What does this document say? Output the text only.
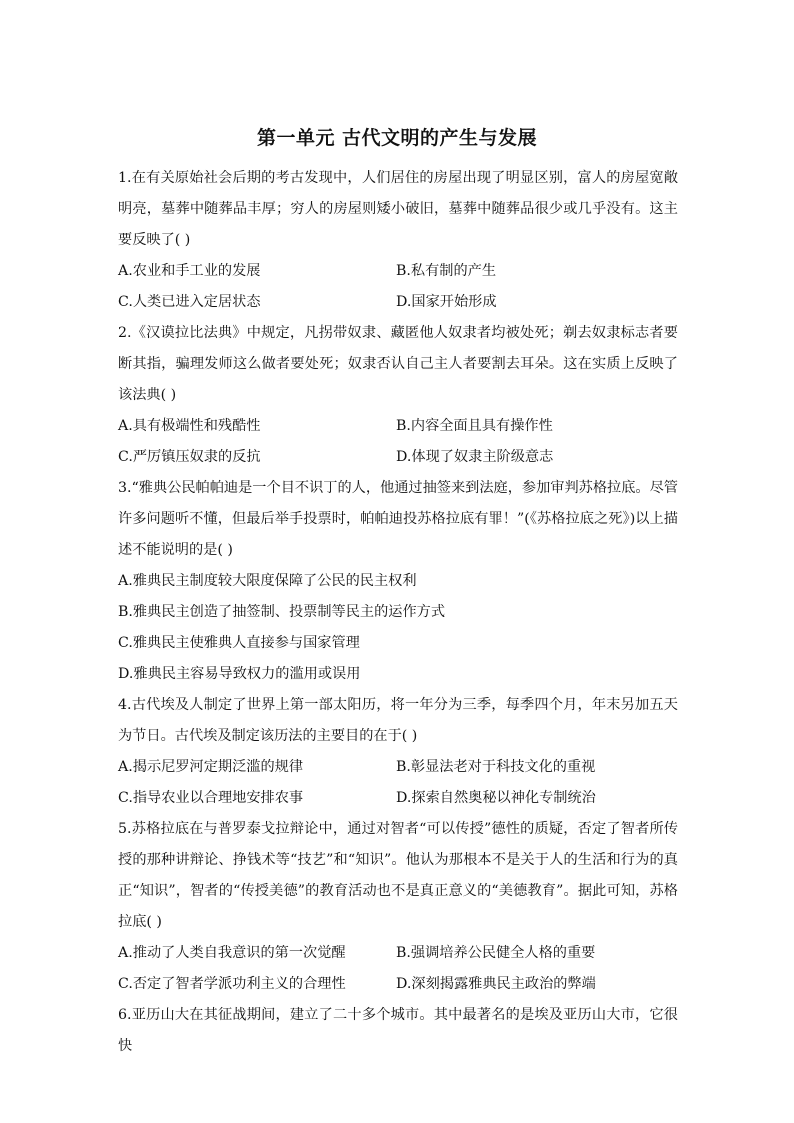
第一单元 古代文明的产生与发展

1.在有关原始社会后期的考古发现中，人们居住的房屋出现了明显区别，富人的房屋宽敞明亮，墓葬中随葬品丰厚；穷人的房屋则矮小破旧，墓葬中随葬品很少或几乎没有。这主要反映了( )

A.农业和手工业的发展	B.私有制的产生
C.人类已进入定居状态	D.国家开始形成

2.《汉谟拉比法典》中规定，凡拐带奴隶、藏匿他人奴隶者均被处死；剃去奴隶标志者要断其指，骗理发师这么做者要处死；奴隶否认自己主人者要割去耳朵。这在实质上反映了该法典( )

A.具有极端性和残酷性	B.内容全面且具有操作性
C.严厉镇压奴隶的反抗	D.体现了奴隶主阶级意志

3.“雅典公民帕帕迪是一个目不识丁的人，他通过抽签来到法庭，参加审判苏格拉底。尽管许多问题听不懂，但最后举手投票时，帕帕迪投苏格拉底有罪！”(《苏格拉底之死》)以上描述不能说明的是( )

A.雅典民主制度较大限度保障了公民的民主权利
B.雅典民主创造了抽签制、投票制等民主的运作方式
C.雅典民主使雅典人直接参与国家管理
D.雅典民主容易导致权力的滥用或误用

4.古代埃及人制定了世界上第一部太阳历，将一年分为三季，每季四个月，年末另加五天为节日。古代埃及制定该历法的主要目的在于( )

A.揭示尼罗河定期泛滥的规律	B.彰显法老对于科技文化的重视
C.指导农业以合理地安排农事	D.探索自然奥秘以神化专制统治

5.苏格拉底在与普罗泰戈拉辩论中，通过对智者“可以传授”德性的质疑，否定了智者所传授的那种讲辩论、挣钱术等“技艺”和“知识”。他认为那根本不是关于人的生活和行为的真正“知识”，智者的“传授美德”的教育活动也不是真正意义的“美德教育”。据此可知，苏格拉底( )

A.推动了人类自我意识的第一次觉醒	B.强调培养公民健全人格的重要
C.否定了智者学派功利主义的合理性	D.深刻揭露雅典民主政治的弊端

6.亚历山大在其征战期间，建立了二十多个城市。其中最著名的是埃及亚历山大市，它很快
